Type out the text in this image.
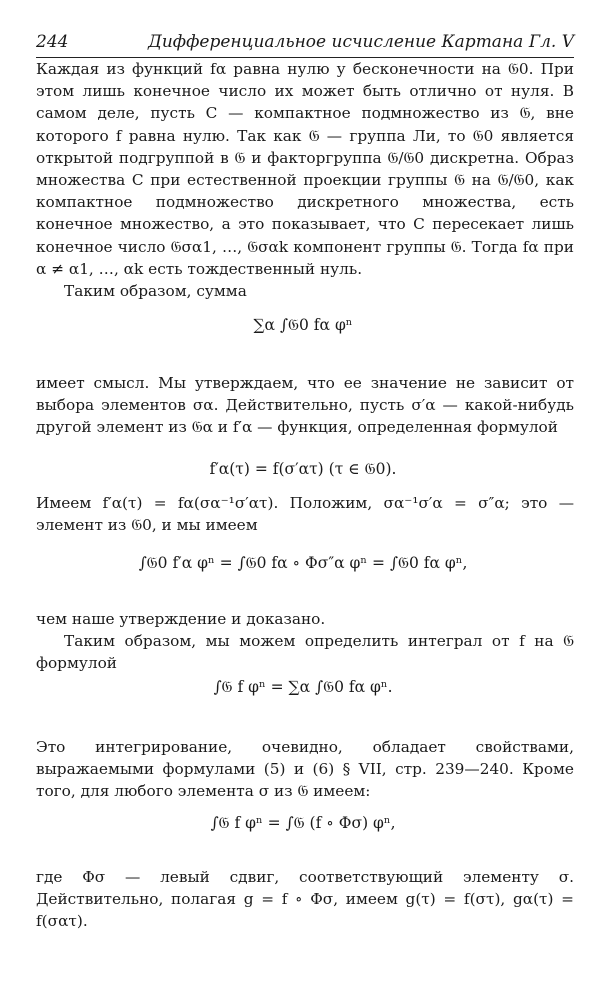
244	Дифференциальное исчисление Картана Гл. V

Каждая из функций fα равна нулю у бесконечности на 𝔊0. При этом лишь конечное число их может быть отлично от нуля. В самом деле, пусть C — компактное подмножество из 𝔊, вне которого f равна нулю. Так как 𝔊 — группа Ли, то 𝔊0 является открытой подгруппой в 𝔊 и факторгруппа 𝔊/𝔊0 дискретна. Образ множества C при естественной проекции группы 𝔊 на 𝔊/𝔊0, как компактное подмножество дискретного множества, есть конечное множество, а это показывает, что C пересекает лишь конечное число 𝔊σα1, …, 𝔊σαk компонент группы 𝔊. Тогда fα при α ≠ α1, …, αk есть тождественный нуль.

Таким образом, сумма

∑α ∫𝔊0 fα φⁿ

имеет смысл. Мы утверждаем, что ее значение не зависит от выбора элементов σα. Действительно, пусть σ′α — какой-нибудь другой элемент из 𝔊α и f′α — функция, определенная формулой

f′α(τ) = f(σ′ατ) (τ ∈ 𝔊0).

Имеем f′α(τ) = fα(σα⁻¹σ′ατ). Положим, σα⁻¹σ′α = σ″α; это — элемент из 𝔊0, и мы имеем

∫𝔊0 f′α φⁿ = ∫𝔊0 fα ∘ Φσ″α φⁿ = ∫𝔊0 fα φⁿ,

чем наше утверждение и доказано.

Таким образом, мы можем определить интеграл от f на 𝔊 формулой

∫𝔊 f φⁿ = ∑α ∫𝔊0 fα φⁿ.

Это интегрирование, очевидно, обладает свойствами, выражаемыми формулами (5) и (6) § VII, стр. 239—240. Кроме того, для любого элемента σ из 𝔊 имеем:

∫𝔊 f φⁿ = ∫𝔊 (f ∘ Φσ) φⁿ,

где Φσ — левый сдвиг, соответствующий элементу σ. Действительно, полагая g = f ∘ Φσ, имеем g(τ) = f(στ), gα(τ) = f(σατ).
